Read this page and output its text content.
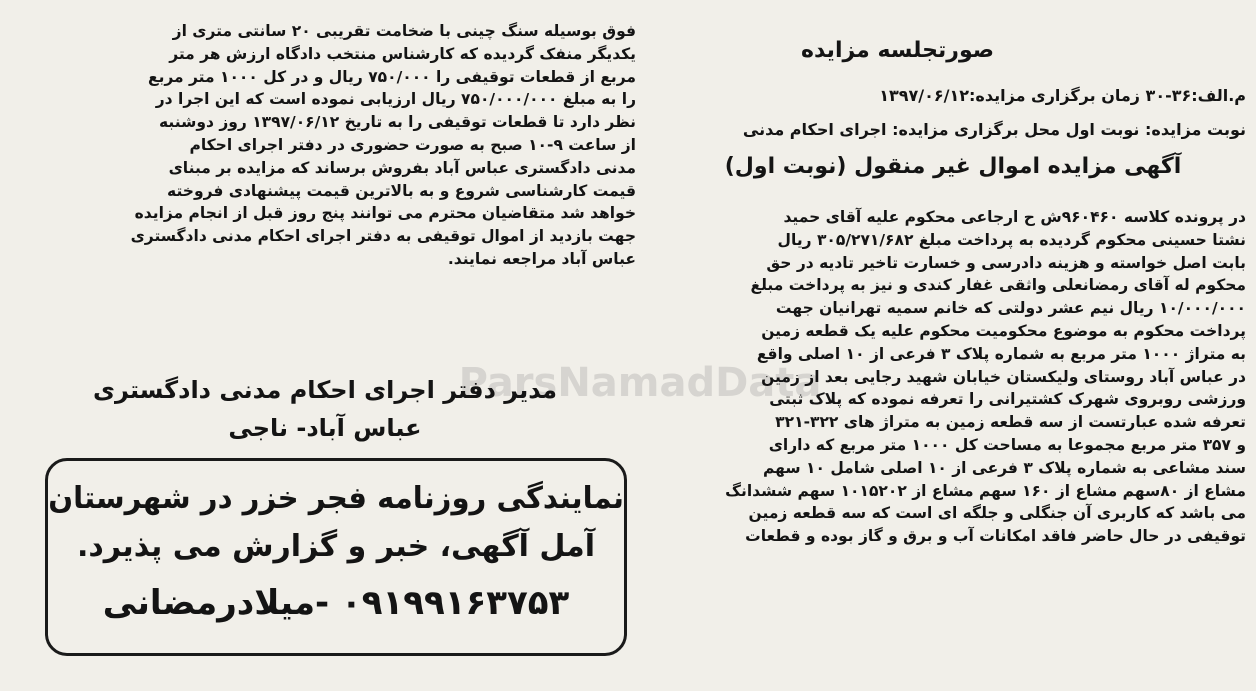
ParsNamadData
صورتجلسه مزایده
م.الف:۳۶-۳۰ زمان برگزاری مزایده:۱۳۹۷/۰۶/۱۲
نوبت مزایده: نوبت اول محل برگزاری مزایده: اجرای احکام مدنی
آگهی مزایده اموال غیر منقول (نوبت اول)
در پرونده کلاسه ۹۶۰۴۶۰ش ح ارجاعی محکوم علیه آقای حمید
نشتا حسینی محکوم گردیده به پرداخت مبلغ ۳۰۵/۲۷۱/۶۸۲ ریال
بابت اصل خواسته و هزینه دادرسی و خسارت تاخیر تادیه در حق
محکوم له آقای رمضانعلی واثقی غفار کندی و نیز به پرداخت مبلغ
۱۰/۰۰۰/۰۰۰ ریال نیم عشر دولتی که خانم سمیه تهرانیان جهت
پرداخت محکوم به موضوع محکومیت محکوم علیه یک قطعه زمین
به متراژ ۱۰۰۰ متر مربع به شماره پلاک ۳ فرعی از ۱۰ اصلی واقع
در عباس آباد روستای ولیکستان خیابان شهید رجایی بعد از زمین
ورزشی روبروی شهرک کشتیرانی را تعرفه نموده که پلاک ثبتی
تعرفه شده عبارتست از سه قطعه زمین به متراژ های ۳۲۲-۳۲۱
و ۳۵۷ متر مربع مجموعا به مساحت کل ۱۰۰۰ متر مربع که دارای
سند مشاعی به شماره پلاک ۳ فرعی از ۱۰ اصلی شامل ۱۰ سهم
مشاع از ۸۰سهم مشاع از ۱۶۰ سهم مشاع از ۱۰۱۵۲۰۲ سهم ششدانگ
می باشد که کاربری آن جنگلی و جلگه ای است که سه قطعه زمین
توقیفی در حال حاضر فاقد امکانات آب و برق و گاز بوده و قطعات
فوق بوسیله سنگ چینی با ضخامت تقریبی ۲۰ سانتی متری از
یکدیگر منفک گردیده که کارشناس منتخب دادگاه ارزش هر متر
مربع از قطعات توقیفی را ۷۵۰/۰۰۰ ریال و در کل ۱۰۰۰ متر مربع
را به مبلغ ۷۵۰/۰۰۰/۰۰۰ ریال ارزیابی نموده است که این اجرا در
نظر دارد تا قطعات توقیفی را به تاریخ ۱۳۹۷/۰۶/۱۲ روز دوشنبه
از ساعت ۹-۱۰ صبح به صورت حضوری در دفتر اجرای احکام
مدنی دادگستری عباس آباد بفروش برساند که مزایده بر مبنای
قیمت کارشناسی شروع و به بالاترین قیمت پیشنهادی فروخته
خواهد شد متقاضیان محترم می توانند پنج روز قبل از انجام مزایده
جهت بازدید از اموال توقیفی به دفتر اجرای احکام مدنی دادگستری
عباس آباد مراجعه نمایند.
مدیر دفتر اجرای احکام مدنی دادگستری
عباس آباد- ناجی
نمایندگی روزنامه فجر خزر در شهرستان
آمل آگهی، خبر و گزارش می پذیرد.
۰۹۱۹۹۱۶۳۷۵۳ -میلادرمضانی
